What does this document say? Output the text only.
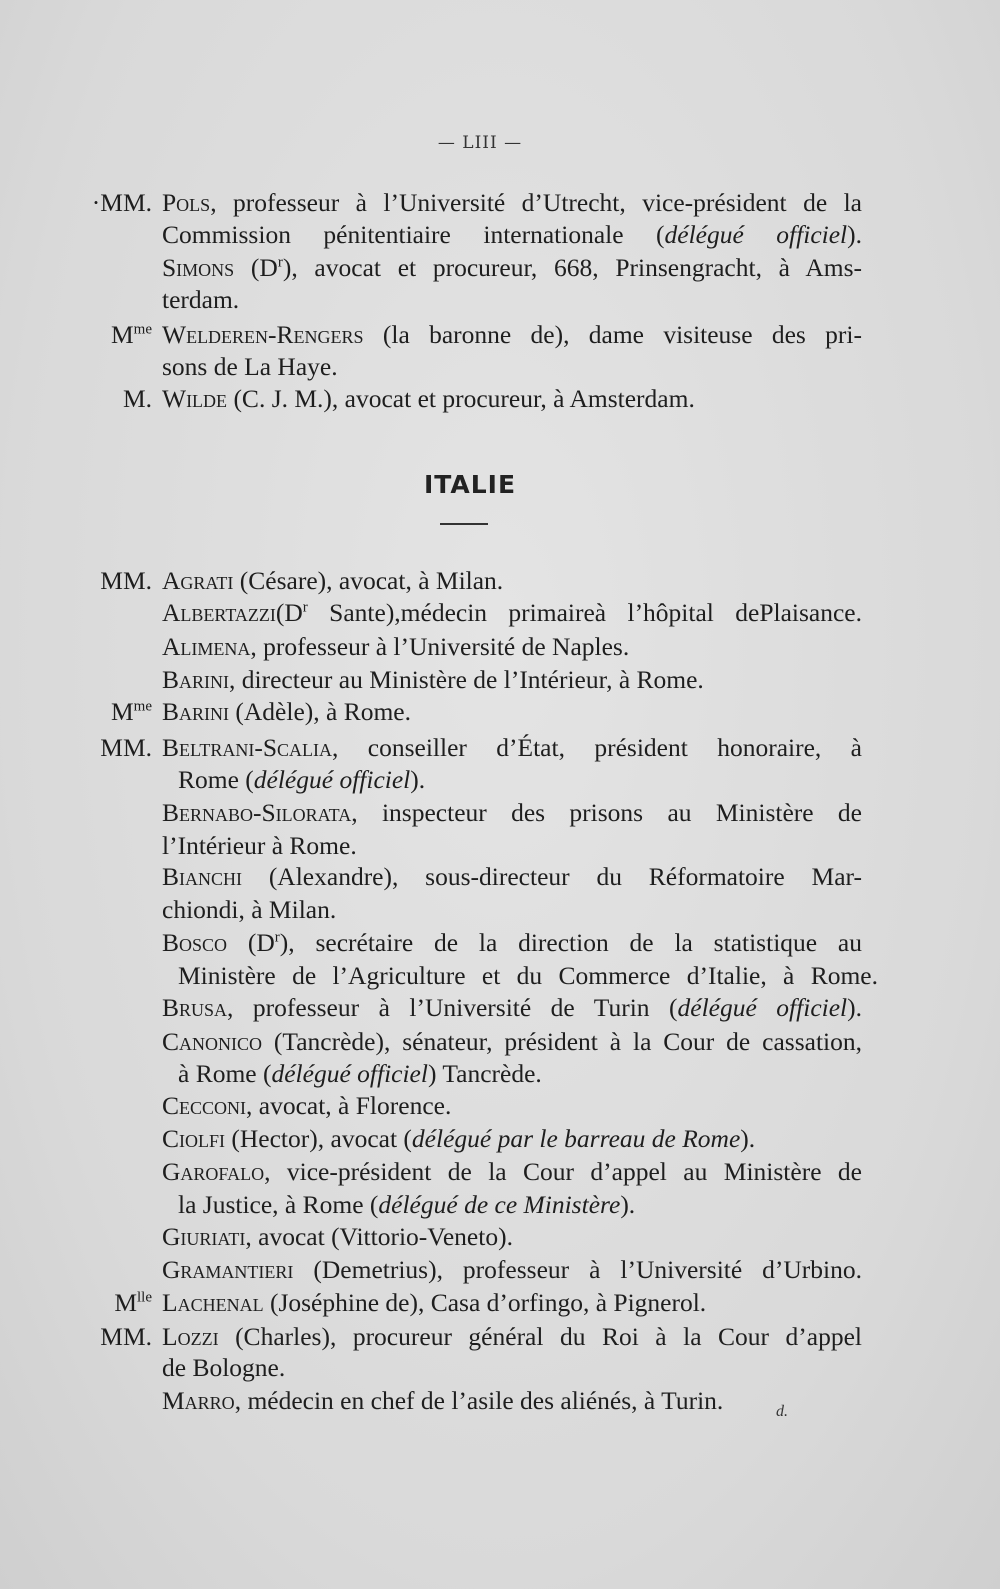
— LIII —
·MM. Pols, professeur à l’Université d’Utrecht, vice-président de la
Commission pénitentiaire internationale (délégué officiel).
Simons $(D^r)$, avocat et procureur, 668, Prinsengracht, à Ams-
terdam.
$M^{me}$ Welderen-Rengers (la baronne de), dame visiteuse des pri-
sons de La Haye.
M. Wilde (C. J. M.), avocat et procureur, à Amsterdam.
MM. Agrati (Césare), avocat, à Milan.
$Albertazzi(D^r$ Sante),médecin primaireà l’hôpital dePlaisance.
Alimena, professeur à l’Université de Naples.
Barini, directeur au Ministère de l’Intérieur, à Rome.
$M^{me}$ Barini (Adèle), à Rome.
MM. Beltrani-Scalia, conseiller d’État, président honoraire, à
Rome (délégué officiel).
Bernabo-Silorata, inspecteur des prisons au Ministère de
l’Intérieur à Rome.
Bianchi (Alexandre), sous-directeur du Réformatoire Mar-
chiondi, à Milan.
Bosco $(D^r)$, secrétaire de la direction de la statistique au
Ministère de l’Agriculture et du Commerce d’Italie, à Rome.
Brusa, professeur à l’Université de Turin (délégué officiel).
Canonico (Tancrède), sénateur, président à la Cour de cassation,
à Rome (délégué officiel) Tancrède.
Cecconi, avocat, à Florence.
Ciolfi (Hector), avocat (délégué par le barreau de Rome).
Garofalo, vice-président de la Cour d’appel au Ministère de
la Justice, à Rome (délégué de ce Ministère).
Giuriati, avocat (Vittorio-Veneto).
Gramantieri (Demetrius), professeur à l’Université d’Urbino.
$M^{lle}$ Lachenal (Joséphine de), Casa d’orfingo, à Pignerol.
MM. Lozzi (Charles), procureur général du Roi à la Cour d’appel
de Bologne.
Marro, médecin en chef de l’asile des aliénés, à Turin.
ITALIE
d.
